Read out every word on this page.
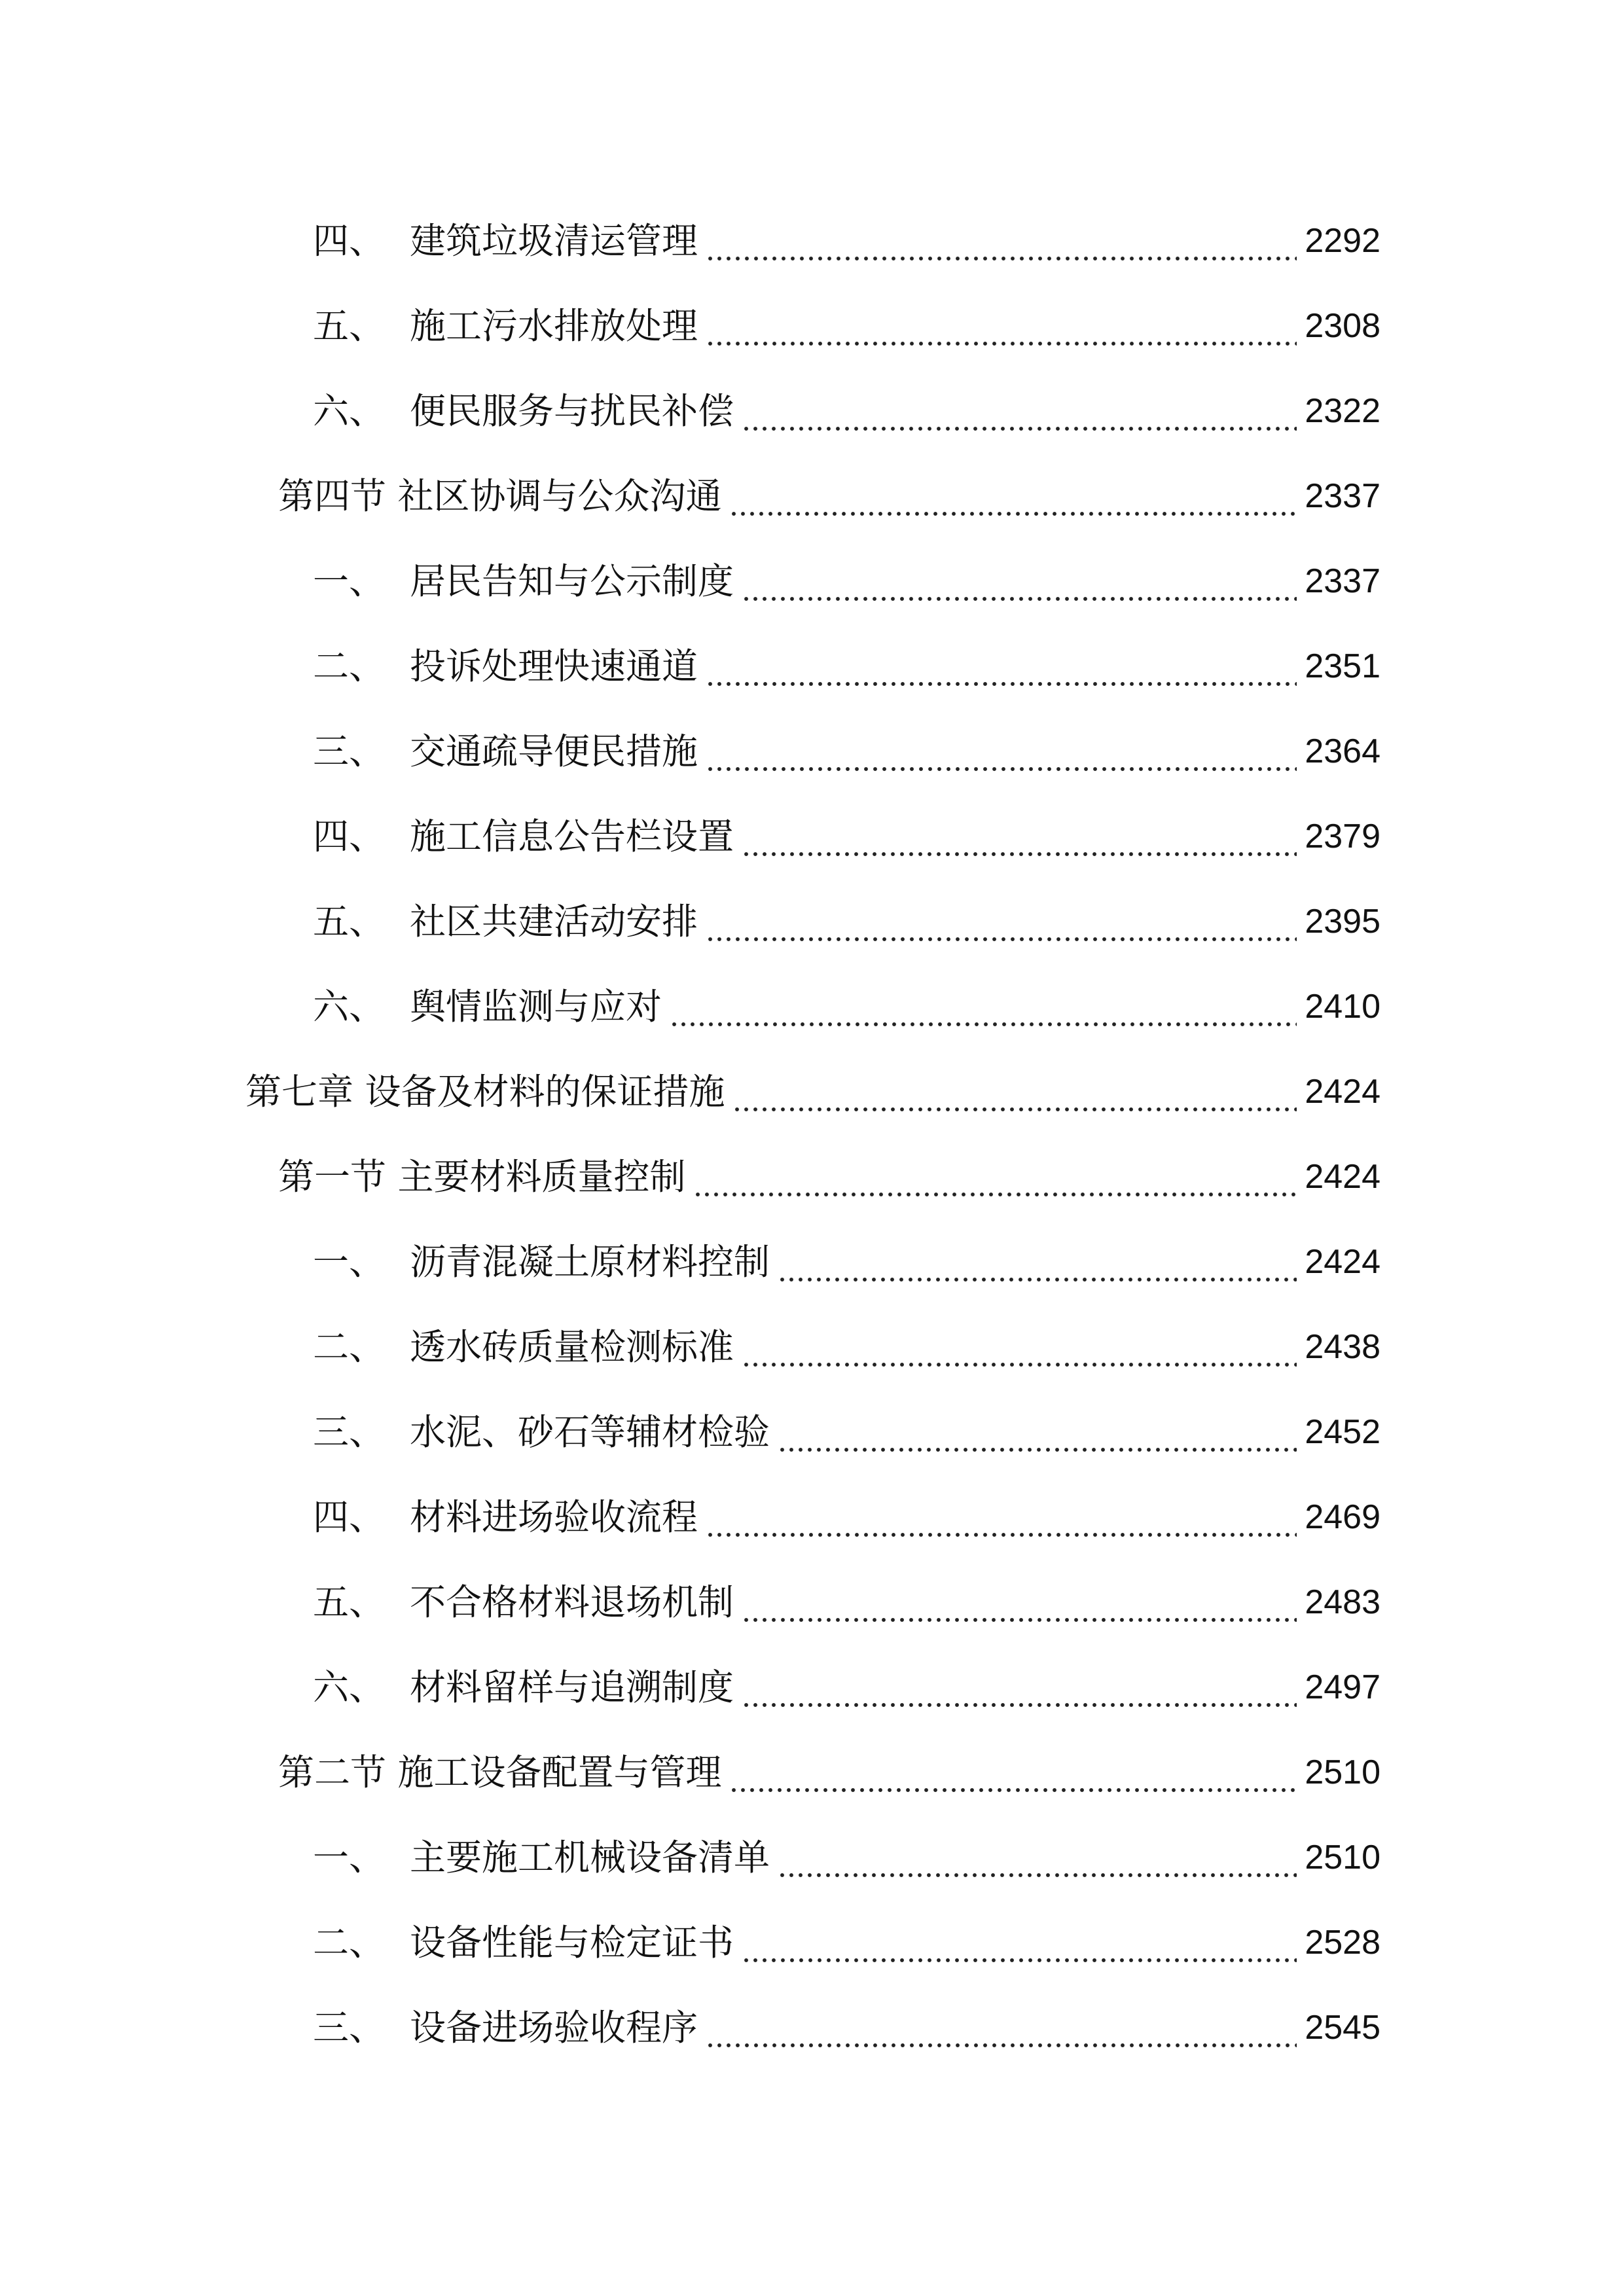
四、 建筑垃圾清运管理	2292
五、 施工污水排放处理	2308
六、 便民服务与扰民补偿	2322
第四节 社区协调与公众沟通	2337
一、 居民告知与公示制度	2337
二、 投诉处理快速通道	2351
三、 交通疏导便民措施	2364
四、 施工信息公告栏设置	2379
五、 社区共建活动安排	2395
六、 舆情监测与应对	2410
第七章 设备及材料的保证措施	2424
第一节 主要材料质量控制	2424
一、 沥青混凝土原材料控制	2424
二、 透水砖质量检测标准	2438
三、 水泥、砂石等辅材检验	2452
四、 材料进场验收流程	2469
五、 不合格材料退场机制	2483
六、 材料留样与追溯制度	2497
第二节 施工设备配置与管理	2510
一、 主要施工机械设备清单	2510
二、 设备性能与检定证书	2528
三、 设备进场验收程序	2545
